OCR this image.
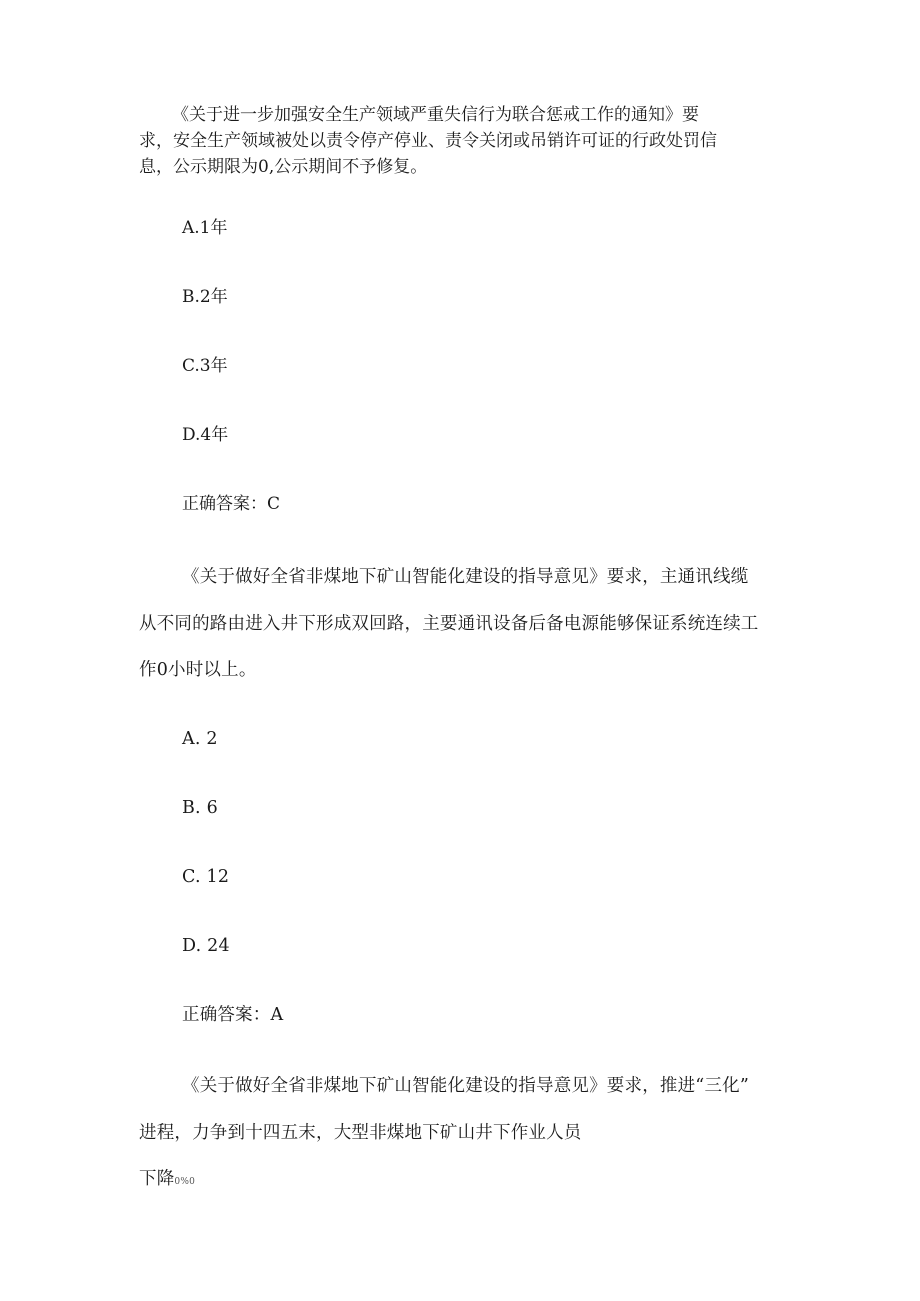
《关于进一步加强安全生产领域严重失信行为联合惩戒工作的通知》要
求，安全生产领域被处以责令停产停业、责令关闭或吊销许可证的行政处罚信
息，公示期限为0,公示期间不予修复。
A.1年
B.2年
C.3年
D.4年
正确答案：C
《关于做好全省非煤地下矿山智能化建设的指导意见》要求，主通讯线缆
从不同的路由进入井下形成双回路，主要通讯设备后备电源能够保证系统连续工
作0小时以上。
A. 2
B. 6
C. 12
D. 24
正确答案：A
《关于做好全省非煤地下矿山智能化建设的指导意见》要求，推进“三化”
进程，力争到十四五末，大型非煤地下矿山井下作业人员
下降0%0
